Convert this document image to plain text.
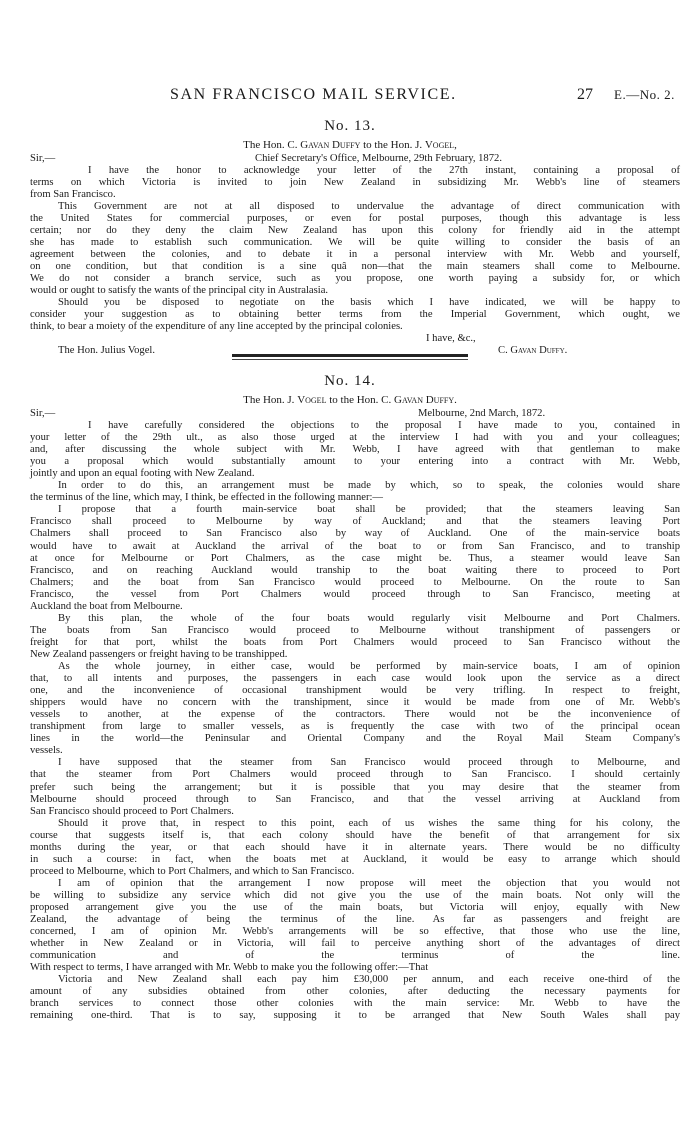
SAN FRANCISCO MAIL SERVICE.	27 E.—No. 2.
No. 13.
The Hon. C. Gavan Duffy to the Hon. J. Vogel,
Sir,—	Chief Secretary's Office, Melbourne, 29th February, 1872.
I have the honor to acknowledge your letter of the 27th instant, containing a proposal of
terms on which Victoria is invited to join New Zealand in subsidizing Mr. Webb's line of steamers
from San Francisco.
This Government are not at all disposed to undervalue the advantage of direct communication with
the United States for commercial purposes, or even for postal purposes, though this advantage is less
certain; nor do they deny the claim New Zealand has upon this colony for friendly aid in the attempt
she has made to establish such communication. We will be quite willing to consider the basis of an
agreement between the colonies, and to debate it in a personal interview with Mr. Webb and yourself,
on one condition, but that condition is a sine quâ non—that the main steamers shall come to Melbourne.
We do not consider a branch service, such as you propose, one worth paying a subsidy for, or which
would or ought to satisfy the wants of the principal city in Australasia.
Should you be disposed to negotiate on the basis which I have indicated, we will be happy to
consider your suggestion as to obtaining better terms from the Imperial Government, which ought, we
think, to bear a moiety of the expenditure of any line accepted by the principal colonies.
I have, &c.,
The Hon. Julius Vogel.	C. Gavan Duffy.
No. 14.
The Hon. J. Vogel to the Hon. C. Gavan Duffy.
Sir,—	Melbourne, 2nd March, 1872.
I have carefully considered the objections to the proposal I have made to you, contained in
your letter of the 29th ult., as also those urged at the interview I had with you and your colleagues;
and, after discussing the whole subject with Mr. Webb, I have agreed with that gentleman to make
you a proposal which would substantially amount to your entering into a contract with Mr. Webb,
jointly and upon an equal footing with New Zealand.
In order to do this, an arrangement must be made by which, so to speak, the colonies would share
the terminus of the line, which may, I think, be effected in the following manner:—
I propose that a fourth main-service boat shall be provided; that the steamers leaving San
Francisco shall proceed to Melbourne by way of Auckland; and that the steamers leaving Port
Chalmers shall proceed to San Francisco also by way of Auckland. One of the main-service boats
would have to await at Auckland the arrival of the boat to or from San Francisco, and to tranship
at once for Melbourne or Port Chalmers, as the case might be. Thus, a steamer would leave San
Francisco, and on reaching Auckland would tranship to the boat waiting there to proceed to Port
Chalmers; and the boat from San Francisco would proceed to Melbourne. On the route to San
Francisco, the vessel from Port Chalmers would proceed through to San Francisco, meeting at
Auckland the boat from Melbourne.
By this plan, the whole of the four boats would regularly visit Melbourne and Port Chalmers.
The boats from San Francisco would proceed to Melbourne without transhipment of passengers or
freight for that port, whilst the boats from Port Chalmers would proceed to San Francisco without the
New Zealand passengers or freight having to be transhipped.
As the whole journey, in either case, would be performed by main-service boats, I am of opinion
that, to all intents and purposes, the passengers in each case would look upon the service as a direct
one, and the inconvenience of occasional transhipment would be very trifling. In respect to freight,
shippers would have no concern with the transhipment, since it would be made from one of Mr. Webb's
vessels to another, at the expense of the contractors. There would not be the inconvenience of
transhipment from large to smaller vessels, as is frequently the case with two of the principal ocean
lines in the world—the Peninsular and Oriental Company and the Royal Mail Steam Company's
vessels.
I have supposed that the steamer from San Francisco would proceed through to Melbourne, and
that the steamer from Port Chalmers would proceed through to San Francisco. I should certainly
prefer such being the arrangement; but it is possible that you may desire that the steamer from
Melbourne should proceed through to San Francisco, and that the vessel arriving at Auckland from
San Francisco should proceed to Port Chalmers.
Should it prove that, in respect to this point, each of us wishes the same thing for his colony, the
course that suggests itself is, that each colony should have the benefit of that arrangement for six
months during the year, or that each should have it in alternate years. There would be no difficulty
in such a course: in fact, when the boats met at Auckland, it would be easy to arrange which should
proceed to Melbourne, which to Port Chalmers, and which to San Francisco.
I am of opinion that the arrangement I now propose will meet the objection that you would not
be willing to subsidize any service which did not give you the use of the main boats. Not only will the
proposed arrangement give you the use of the main boats, but Victoria will enjoy, equally with New
Zealand, the advantage of being the terminus of the line. As far as passengers and freight are
concerned, I am of opinion Mr. Webb's arrangements will be so effective, that those who use the line,
whether in New Zealand or in Victoria, will fail to perceive anything short of the advantages of direct
communication and of the terminus of the line.
With respect to terms, I have arranged with Mr. Webb to make you the following offer:—That
Victoria and New Zealand shall each pay him £30,000 per annum, and each receive one-third of the
amount of any subsidies obtained from other colonies, after deducting the necessary payments for
branch services to connect those other colonies with the main service: Mr. Webb to have the
remaining one-third. That is to say, supposing it to be arranged that New South Wales shall pay
